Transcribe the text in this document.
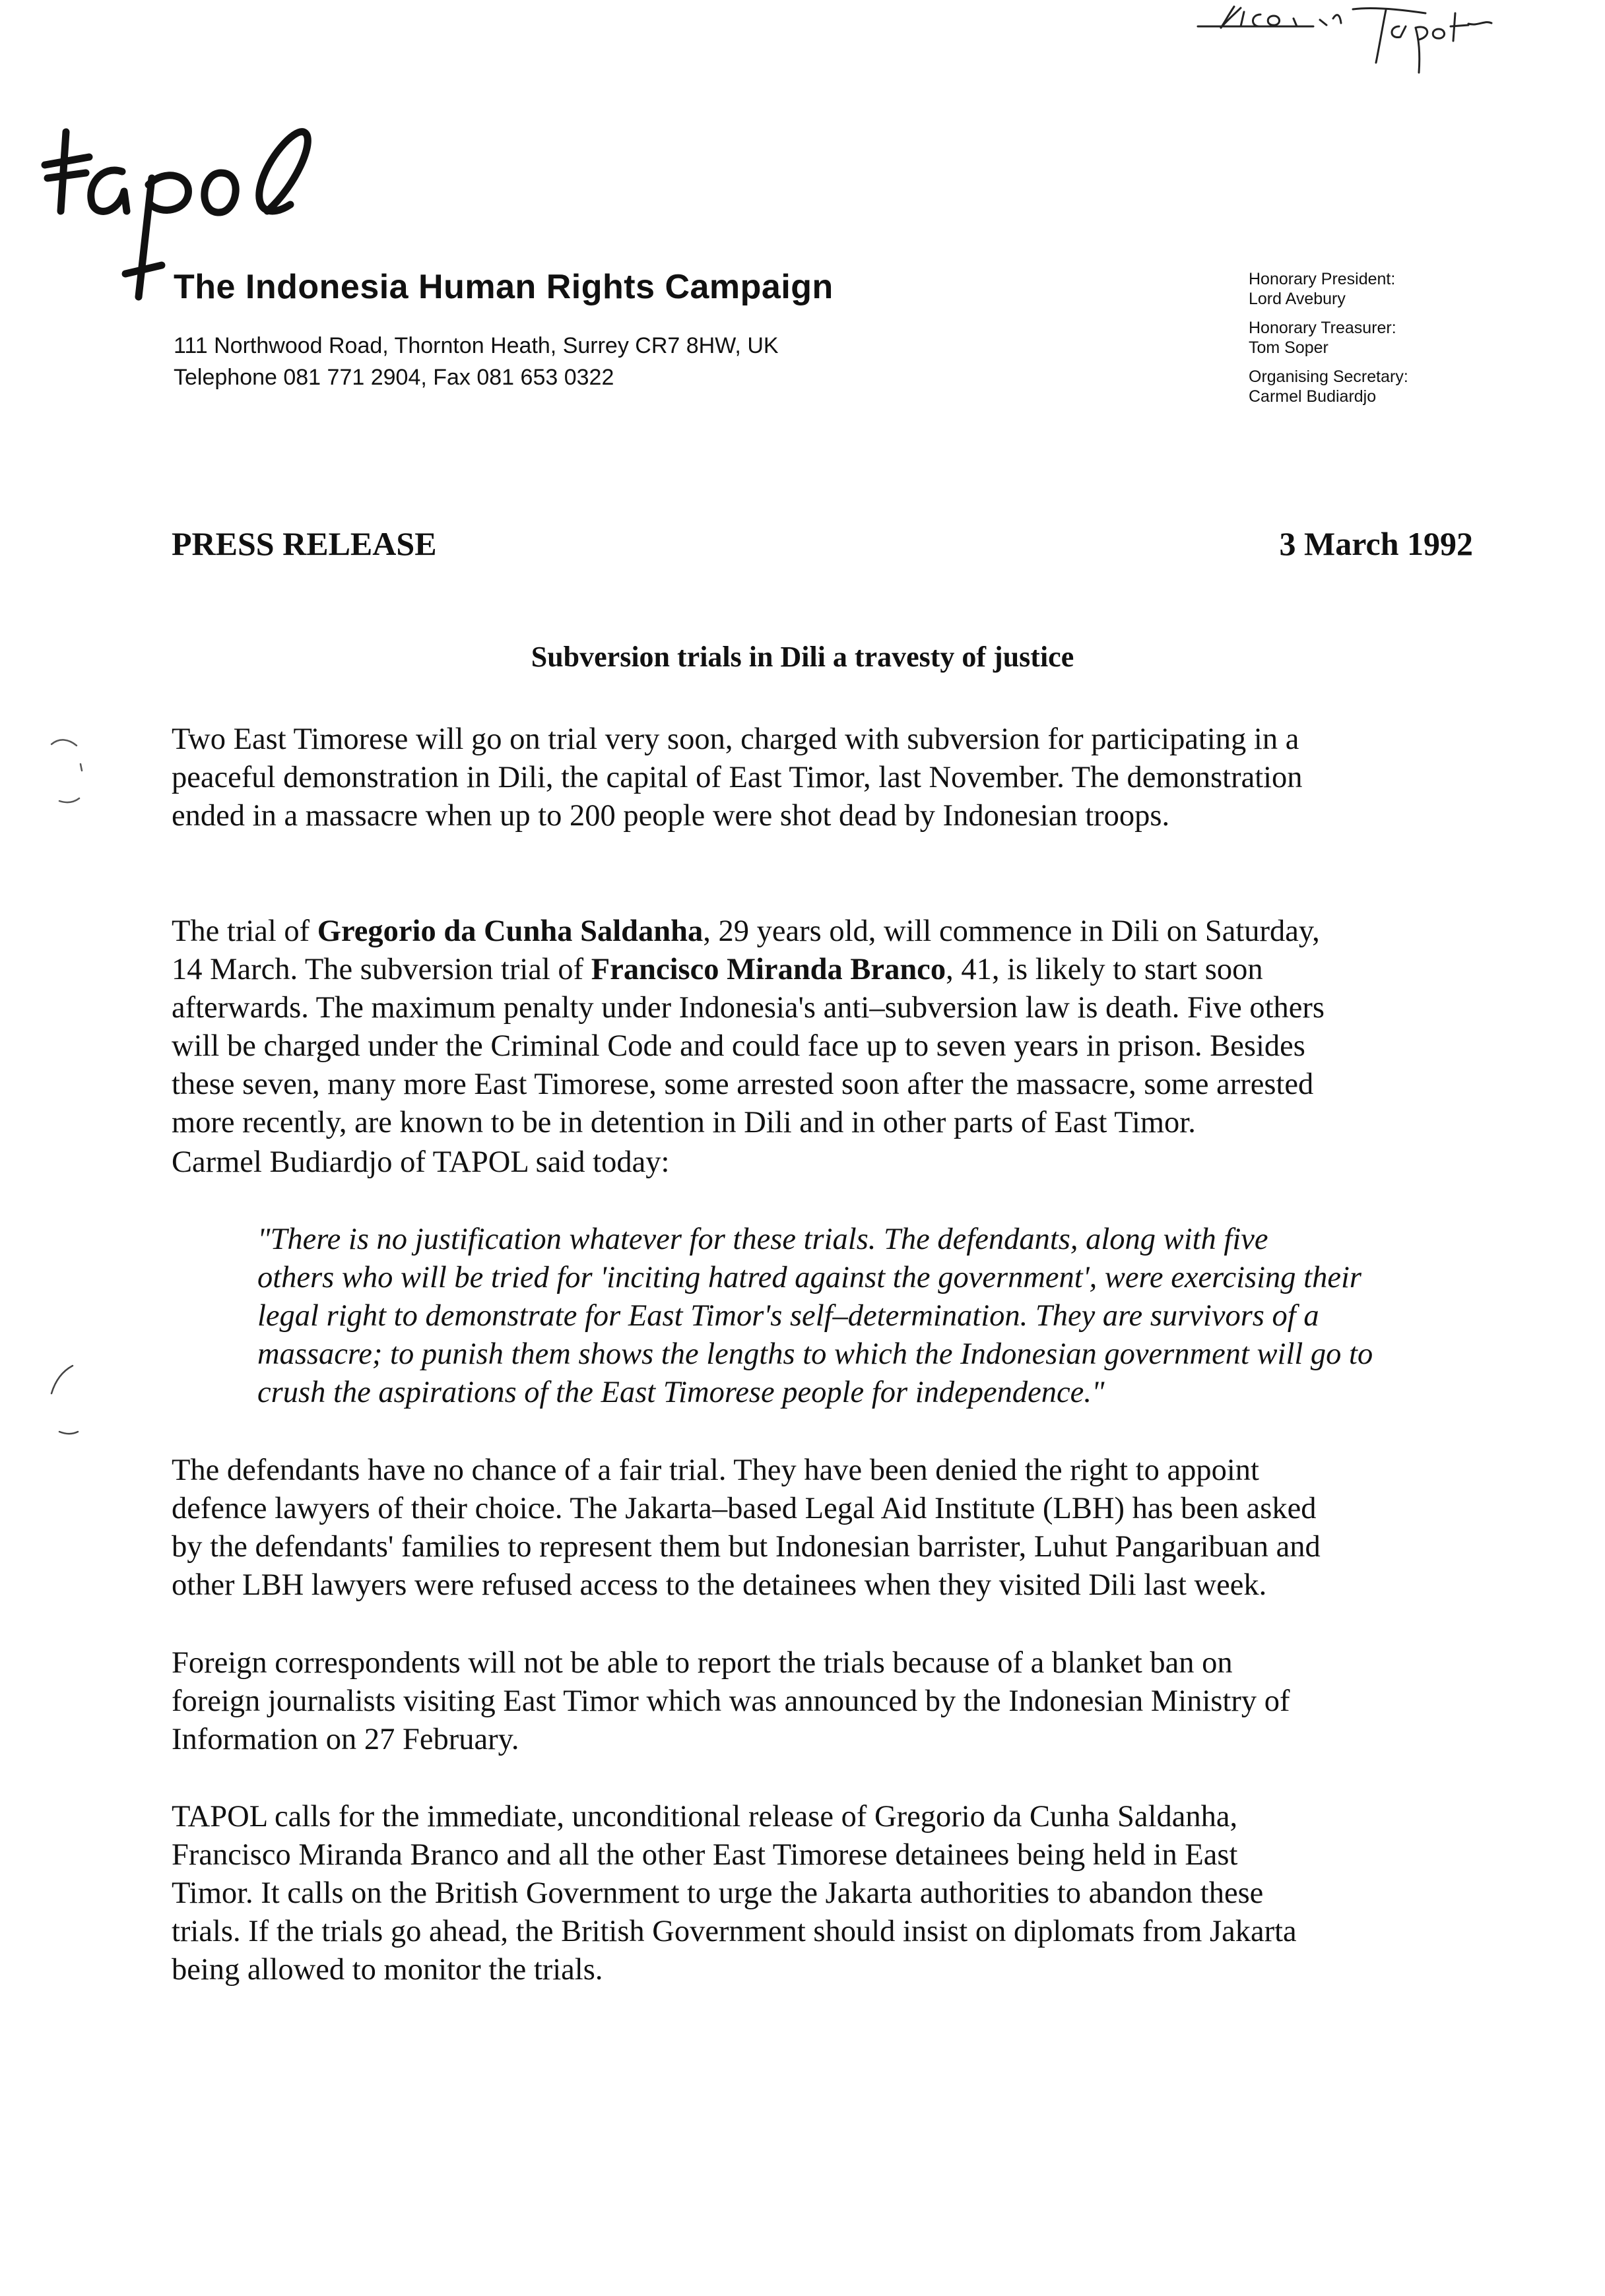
The Indonesia Human Rights Campaign
111 Northwood Road, Thornton Heath, Surrey CR7 8HW, UK
Telephone 081 771 2904, Fax 081 653 0322
Honorary President:
Lord Avebury
Honorary Treasurer:
Tom Soper
Organising Secretary:
Carmel Budiardjo
PRESS RELEASE	3 March 1992
Subversion trials in Dili a travesty of justice

Two East Timorese will go on trial very soon, charged with subversion for participating in a

peaceful demonstration in Dili, the capital of East Timor, last November. The demonstration

ended in a massacre when up to 200 people were shot dead by Indonesian troops.

The trial of Gregorio da Cunha Saldanha, 29 years old, will commence in Dili on Saturday,

14 March. The subversion trial of Francisco Miranda Branco, 41, is likely to start soon

afterwards. The maximum penalty under Indonesia's anti–subversion law is death. Five others

will be charged under the Criminal Code and could face up to seven years in prison. Besides

these seven, many more East Timorese, some arrested soon after the massacre, some arrested

more recently, are known to be in detention in Dili and in other parts of East Timor.

Carmel Budiardjo of TAPOL said today:

"There is no justification whatever for these trials. The defendants, along with five

others who will be tried for 'inciting hatred against the government', were exercising their

legal right to demonstrate for East Timor's self–determination. They are survivors of a

massacre; to punish them shows the lengths to which the Indonesian government will go to

crush the aspirations of the East Timorese people for independence."

The defendants have no chance of a fair trial. They have been denied the right to appoint

defence lawyers of their choice. The Jakarta–based Legal Aid Institute (LBH) has been asked

by the defendants' families to represent them but Indonesian barrister, Luhut Pangaribuan and

other LBH lawyers were refused access to the detainees when they visited Dili last week.

Foreign correspondents will not be able to report the trials because of a blanket ban on

foreign journalists visiting East Timor which was announced by the Indonesian Ministry of

Information on 27 February.

TAPOL calls for the immediate, unconditional release of Gregorio da Cunha Saldanha,

Francisco Miranda Branco and all the other East Timorese detainees being held in East

Timor. It calls on the British Government to urge the Jakarta authorities to abandon these

trials. If the trials go ahead, the British Government should insist on diplomats from Jakarta

being allowed to monitor the trials.
